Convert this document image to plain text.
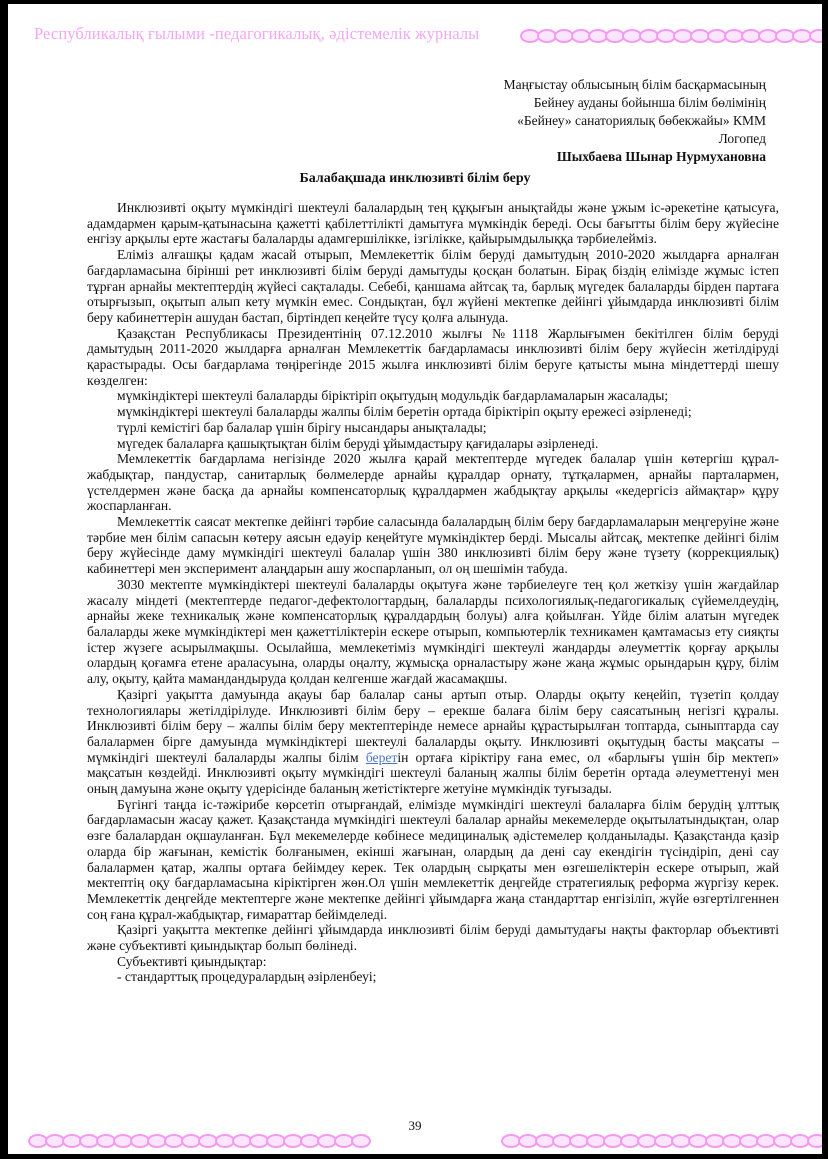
Республикалық ғылыми -педагогикалық, әдістемелік журналы
Маңғыстау облысының білім басқармасының
Бейнеу ауданы бойынша білім бөлімінің
«Бейнеу» санаториялық бөбекжайы» КММ
Логопед
Шыхбаева Шынар Нурмухановна
Балабақшада инклюзивті білім беру

Инклюзивті оқыту мүмкіндігі шектеулі балалардың тең құқығын анықтайды және ұжым іс-әрекетіне қатысуға, адамдармен қарым-қатынасына қажетті қабілеттілікті дамытуға мүмкіндік береді. Осы бағытты білім беру жүйесіне енгізу арқылы ерте жастағы балаларды адамгершілікке, ізгілікке, қайырымдылыққа тәрбиелейміз.

Еліміз алғашқы қадам жасай отырып, Мемлекеттік білім беруді дамытудың 2010-2020 жылдарға арналған бағдарламасына бірінші рет инклюзивті білім беруді дамытуды қосқан болатын. Бірақ біздің елімізде жұмыс істеп тұрған арнайы мектептердің жүйесі сақталады. Себебі, қаншама айтсақ та, барлық мүгедек балаларды бірден партаға отырғызып, оқытып алып кету мүмкін емес. Сондықтан, бұл жүйені мектепке дейінгі ұйымдарда инклюзивті білім беру кабинеттерін ашудан бастап, біртіндеп кеңейте түсу қолға алынуда.

Қазақстан Республикасы Президентінің 07.12.2010 жылғы №1118 Жарлығымен бекітілген білім беруді дамытудың 2011-2020 жылдарға арналған Мемлекеттік бағдарламасы инклюзивті білім беру жүйесін жетілдіруді қарастырады. Осы бағдарлама төңірегінде 2015 жылға инклюзивті білім беруге қатысты мына міндеттерді шешу көзделген:

мүмкіндіктері шектеулі балаларды біріктіріп оқытудың модульдік бағдарламаларын жасалады;

мүмкіндіктері шектеулі балаларды жалпы білім беретін ортада біріктіріп оқыту ережесі әзірленеді;

түрлі кемістігі бар балалар үшін бірігу нысандары анықталады;

мүгедек балаларға қашықтықтан білім беруді ұйымдастыру қағидалары әзірленеді.

Мемлекеттік бағдарлама негізінде 2020 жылға қарай мектептерде мүгедек балалар үшін көтергіш құрал-жабдықтар, пандустар, санитарлық бөлмелерде арнайы құралдар орнату, тұтқалармен, арнайы парталармен, үстелдермен және басқа да арнайы компенсаторлық құралдармен жабдықтау арқылы «кедергісіз аймақтар» құру жоспарланған.

Мемлекеттік саясат мектепке дейінгі тәрбие саласында балалардың білім беру бағдарламаларын меңгеруіне және тәрбие мен білім сапасын көтеру аясын едәуір кеңейтуге мүмкіндіктер берді. Мысалы айтсақ, мектепке дейінгі білім беру жүйесінде даму мүмкіндігі шектеулі балалар үшін 380 инклюзивті білім беру және түзету (коррекциялық) кабинеттері мен эксперимент алаңдарын ашу жоспарланып, ол оң шешімін табуда.

3030 мектепте мүмкіндіктері шектеулі балаларды оқытуға және тәрбиелеуге тең қол жеткізу үшін жағдайлар жасалу міндеті (мектептерде педагог-дефектологтардың, балаларды психологиялық-педагогикалық сүйемелдеудің, арнайы жеке техникалық және компенсаторлық құралдардың болуы) алға қойылған. Үйде білім алатын мүгедек балаларды жеке мүмкіндіктері мен қажеттіліктерін ескере отырып, компьютерлік техникамен қамтамасыз ету сияқты істер жүзеге асырылмақшы. Осылайша, мемлекетіміз мүмкіндігі шектеулі жандарды әлеуметтік қорғау арқылы олардың қоғамға етене араласуына, оларды оңалту, жұмысқа орналастыру және жаңа жұмыс орындарын құру, білім алу, оқыту, қайта мамандандыруда қолдан келгенше жағдай жасамақшы.

Қазіргі уақытта дамуында ақауы бар балалар саны артып отыр. Оларды оқыту кеңейіп, түзетіп қолдау технологиялары жетілдірілуде. Инклюзивті білім беру – ерекше балаға білім беру саясатының негізгі құралы. Инклюзивті білім беру – жалпы білім беру мектептерінде немесе арнайы құрастырылған топтарда, сыныптарда сау балалармен бірге дамуында мүмкіндіктері шектеулі балаларды оқыту. Инклюзивті оқытудың басты мақсаты – мүмкіндігі шектеулі балаларды жалпы білім беретін ортаға кіріктіру ғана емес, ол «барлығы үшін бір мектеп» мақсатын көздейді. Инклюзивті оқыту мүмкіндігі шектеулі баланың жалпы білім беретін ортада әлеуметтенуі мен оның дамуына және оқыту үдерісінде баланың жетістіктерге жетуіне мүмкіндік туғызады.

Бүгінгі таңда іс-тәжірибе көрсетіп отырғандай, елімізде мүмкіндігі шектеулі балаларға білім берудің ұлттық бағдарламасын жасау қажет. Қазақстанда мүмкіндігі шектеулі балалар арнайы мекемелерде оқытылатындықтан, олар өзге балалардан оқшауланған. Бұл мекемелерде көбінесе медициналық әдістемелер қолданылады. Қазақстанда қазір оларда бір жағынан, кемістік болғанымен, екінші жағынан, олардың да дені сау екендігін түсіндіріп, дені сау балалармен қатар, жалпы ортаға бейімдеу керек. Тек олардың сырқаты мен өзгешеліктерін ескере отырып, жай мектептің оқу бағдарламасына кіріктірген жөн.Ол үшін мемлекеттік деңгейде стратегиялық реформа жүргізу керек. Мемлекеттік деңгейде мектептерге және мектепке дейінгі ұйымдарға жаңа стандарттар енгізіліп, жүйе өзгертілгеннен соң ғана құрал-жабдықтар, ғимараттар бейімделеді.

Қазіргі уақытта мектепке дейінгі ұйымдарда инклюзивті білім беруді дамытудағы нақты факторлар объективті және субъективті қиындықтар болып бөлінеді.

Субъективті қиындықтар:

- стандарттық процедуралардың әзірленбеуі;

39
